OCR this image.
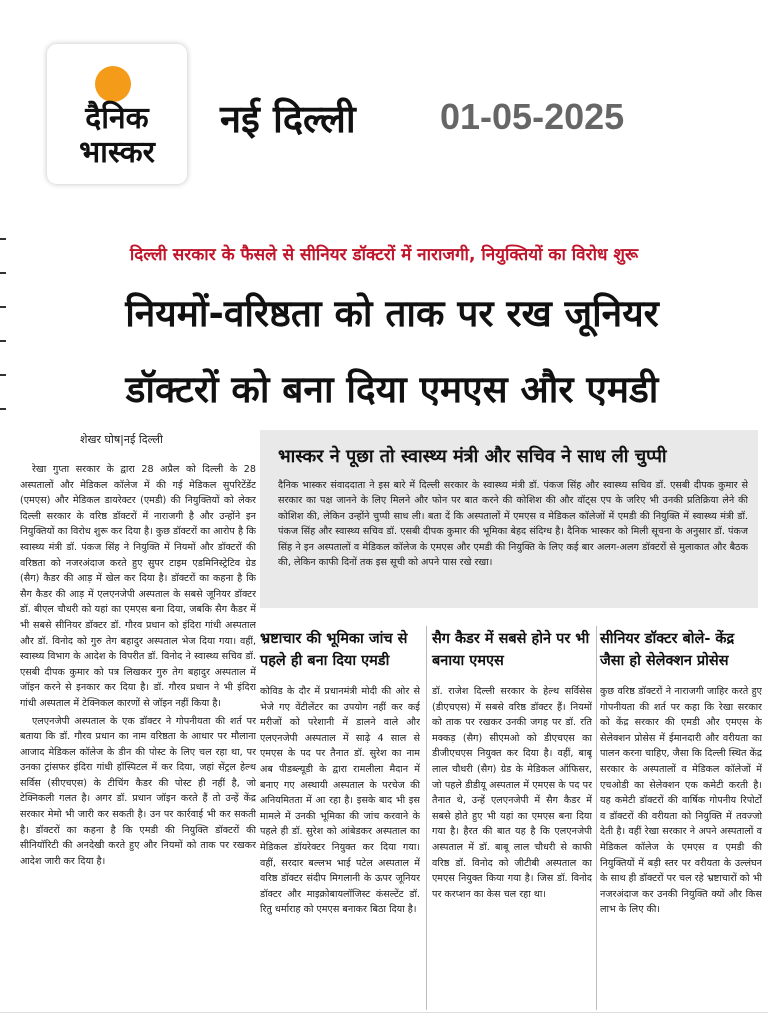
दैनिक
भास्कर
नई दिल्ली 01-05-2025
दिल्ली सरकार के फैसले से सीनियर डॉक्टरों में नाराजगी, नियुक्तियों का विरोध शुरू
नियमों-वरिष्ठता को ताक पर रख जूनियर
डॉक्टरों को बना दिया एमएस और एमडी
शेखर घोष|नई दिल्ली

रेखा गुप्ता सरकार के द्वारा 28 अप्रैल को दिल्ली के 28 अस्पतालों और मेडिकल कॉलेज में की गई मेडिकल सुपरिटेंडेंट (एमएस) और मेडिकल डायरेक्टर (एमडी) की नियुक्तियों को लेकर दिल्ली सरकार के वरिष्ठ डॉक्टरों में नाराजगी है और उन्होंने इन नियुक्तियों का विरोध शुरू कर दिया है। कुछ डॉक्टरों का आरोप है कि स्वास्थ्य मंत्री डॉ. पंकज सिंह ने नियुक्ति में नियमों और डॉक्टरों की वरिष्ठता को नजरअंदाज करते हुए सुपर टाइम एडमिनिस्ट्रेटिव ग्रेड (सैग) कैडर की आड़ में खेल कर दिया है। डॉक्टरों का कहना है कि सैग कैडर की आड़ में एलएनजेपी अस्पताल के सबसे जूनियर डॉक्टर डॉ. बीएल चौधरी को यहां का एमएस बना दिया, जबकि सैग कैडर में भी सबसे सीनियर डॉक्टर डॉ. गौरव प्रधान को इंदिरा गांधी अस्पताल और डॉ. विनोद को गुरु तेग बहादुर अस्पताल भेज दिया गया। वहीं, स्वास्थ्य विभाग के आदेश के विपरीत डॉ. विनोद ने स्वास्थ्य सचिव डॉ. एसबी दीपक कुमार को पत्र लिखकर गुरु तेग बहादुर अस्पताल में जॉइन करने से इनकार कर दिया है। डॉ. गौरव प्रधान ने भी इंदिरा गांधी अस्पताल में टेक्निकल कारणों से जॉइन नहीं किया है।

एलएनजेपी अस्पताल के एक डॉक्टर ने गोपनीयता की शर्त पर बताया कि डॉ. गौरव प्रधान का नाम वरिष्ठता के आधार पर मौलाना आजाद मेडिकल कॉलेज के डीन की पोस्ट के लिए चल रहा था, पर उनका ट्रांसफर इंदिरा गांधी हॉस्पिटल में कर दिया, जहां सेंट्रल हेल्थ सर्विस (सीएचएस) के टीचिंग कैडर की पोस्ट ही नहीं है, जो टेक्निकली गलत है। अगर डॉ. प्रधान जॉइन करते हैं तो उन्हें केंद्र सरकार मेमो भी जारी कर सकती है। उन पर कार्रवाई भी कर सकती है। डॉक्टरों का कहना है कि एमडी की नियुक्ति डॉक्टरों की सीनियॉरिटी की अनदेखी करते हुए और नियमों को ताक पर रखकर आदेश जारी कर दिया है।

भास्कर ने पूछा तो स्वास्थ्य मंत्री और सचिव ने साध ली चुप्पी
दैनिक भास्कर संवाददाता ने इस बारे में दिल्ली सरकार के स्वास्थ्य मंत्री डॉ. पंकज सिंह और स्वास्थ्य सचिव डॉ. एसबी दीपक कुमार से सरकार का पक्ष जानने के लिए मिलने और फोन पर बात करने की कोशिश की और वॉट्स एप के जरिए भी उनकी प्रतिक्रिया लेने की कोशिश की, लेकिन उन्होंने चुप्पी साध ली। बता दें कि अस्पतालों में एमएस व मेडिकल कॉलेजों में एमडी की नियुक्ति में स्वास्थ्य मंत्री डॉ. पंकज सिंह और स्वास्थ्य सचिव डॉ. एसबी दीपक कुमार की भूमिका बेहद संदिग्ध है। दैनिक भास्कर को मिली सूचना के अनुसार डॉ. पंकज सिंह ने इन अस्पतालों व मेडिकल कॉलेज के एमएस और एमडी की नियुक्ति के लिए कई बार अलग-अलग डॉक्टरों से मुलाकात और बैठक की, लेकिन काफी दिनों तक इस सूची को अपने पास रखे रखा।
भ्रष्टाचार की भूमिका जांच से पहले ही बना दिया एमडी

कोविड के दौर में प्रधानमंत्री मोदी की ओर से भेजे गए वेंटीलेंटर का उपयोग नहीं कर कई मरीजों को परेशानी में डालने वाले और एलएनजेपी अस्पताल में साढ़े 4 साल से एमएस के पद पर तैनात डॉ. सुरेश का नाम अब पीडब्ल्यूडी के द्वारा रामलीला मैदान में बनाए गए अस्थायी अस्पताल के परचेज की अनियमितता में आ रहा है। इसके बाद भी इस मामले में उनकी भूमिका की जांच करवाने के पहले ही डॉ. सुरेश को आंबेडकर अस्पताल का मेडिकल डॉयरेक्टर नियुक्त कर दिया गया। वहीं, सरदार बल्लभ भाई पटेल अस्पताल में वरिष्ठ डॉक्टर संदीप मिगलानी के ऊपर जूनियर डॉक्टर और माइक्रोबायलॉजिस्ट कंसल्टेंट डॉ. रितु धर्माराह को एमएस बनाकर बिठा दिया है।

सैग कैडर में सबसे होने पर भी बनाया एमएस

डॉ. राजेश दिल्ली सरकार के हेल्थ सर्विसेस (डीएचएस) में सबसे वरिष्ठ डॉक्टर हैं। नियमों को ताक पर रखकर उनकी जगह पर डॉ. रति मक्कड़ (सैग) सीएमओ को डीएचएस का डीजीएचएस नियुक्त कर दिया है। वहीं, बाबू लाल चौधरी (सैग) ग्रेड के मेडिकल ऑफिसर, जो पहले डीडीयू अस्पताल में एमएस के पद पर तैनात थे, उन्हें एलएनजेपी में सैग कैडर में सबसे होते हुए भी यहां का एमएस बना दिया गया है। हैरत की बात यह है कि एलएनजेपी अस्पताल में डॉ. बाबू लाल चौधरी से काफी वरिष्ठ डॉ. विनोद को जीटीबी अस्पताल का एमएस नियुक्त किया गया है। जिस डॉ. विनोद पर करप्शन का केस चल रहा था।

सीनियर डॉक्टर बोले- केंद्र जैसा हो सेलेक्शन प्रोसेस

कुछ वरिष्ठ डॉक्टरों ने नाराजगी जाहिर करते हुए गोपनीयता की शर्त पर कहा कि रेखा सरकार को केंद्र सरकार की एमडी और एमएस के सेलेक्शन प्रोसेस में ईमानदारी और वरीयता का पालन करना चाहिए, जैसा कि दिल्ली स्थित केंद्र सरकार के अस्पतालों व मेडिकल कॉलेजों में एचओडी का सेलेक्शन एक कमेटी करती है। यह कमेटी डॉक्टरों की वार्षिक गोपनीय रिपोर्टों व डॉक्टरों की वरीयता को नियुक्ति में तवज्जो देती है। वहीं रेखा सरकार ने अपने अस्पतालों व मेडिकल कॉलेज के एमएस व एमडी की नियुक्तियों में बड़ी स्तर पर वरीयता के उल्लंघन के साथ ही डॉक्टरों पर चल रहे भ्रष्टाचारों को भी नजरअंदाज कर उनकी नियुक्ति क्यों और किस लाभ के लिए की।
